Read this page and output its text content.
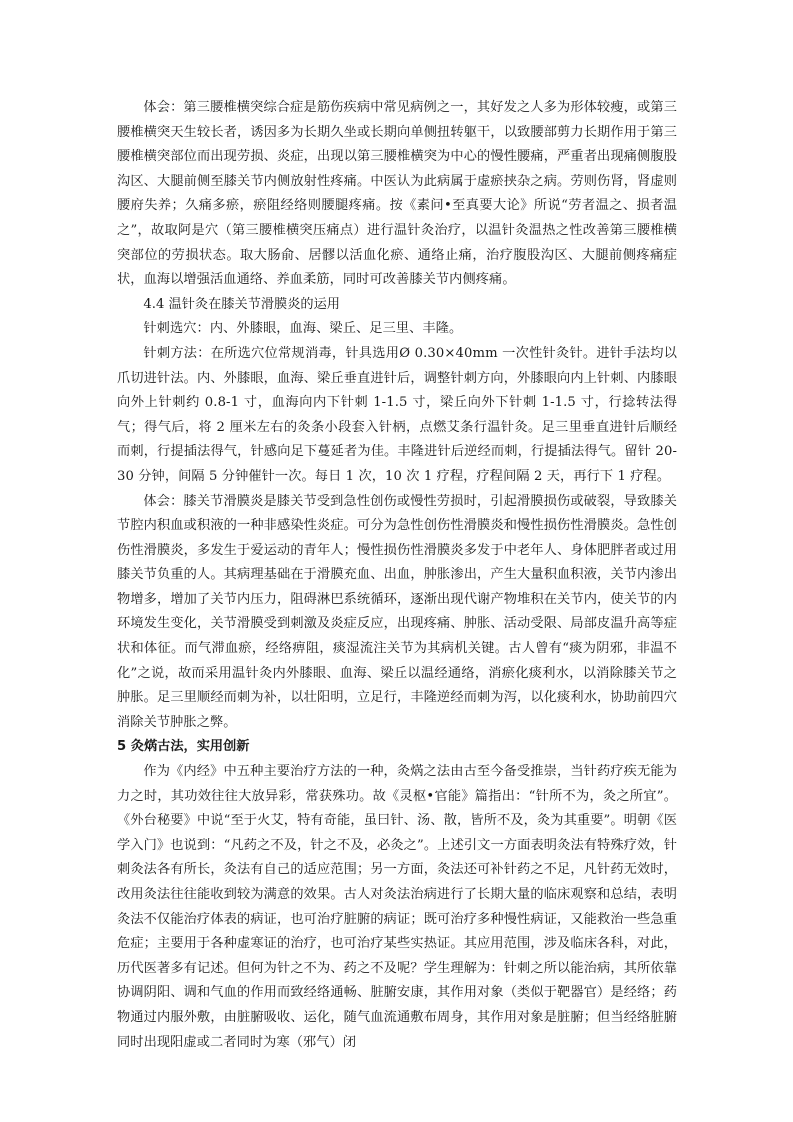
体会：第三腰椎横突综合症是筋伤疾病中常见病例之一，其好发之人多为形体较瘦，或第三腰椎横突天生较长者，诱因多为长期久坐或长期向单侧扭转躯干，以致腰部剪力长期作用于第三腰椎横突部位而出现劳损、炎症，出现以第三腰椎横突为中心的慢性腰痛，严重者出现痛侧腹股沟区、大腿前侧至膝关节内侧放射性疼痛。中医认为此病属于虚瘀挟杂之病。劳则伤肾，肾虚则腰府失养；久痛多瘀，瘀阻经络则腰腿疼痛。按《素问•至真要大论》所说“劳者温之、损者温之”，故取阿是穴（第三腰椎横突压痛点）进行温针灸治疗，以温针灸温热之性改善第三腰椎横突部位的劳损状态。取大肠俞、居髎以活血化瘀、通络止痛，治疗腹股沟区、大腿前侧疼痛症状，血海以增强活血通络、养血柔筋，同时可改善膝关节内侧疼痛。

4.4 温针灸在膝关节滑膜炎的运用

针刺选穴：内、外膝眼，血海、梁丘、足三里、丰隆。

针刺方法：在所选穴位常规消毒，针具选用Ø 0.30×40mm 一次性针灸针。进针手法均以爪切进针法。内、外膝眼，血海、梁丘垂直进针后，调整针刺方向，外膝眼向内上针刺、内膝眼向外上针刺约 0.8-1 寸，血海向内下针刺 1-1.5 寸，梁丘向外下针刺 1-1.5 寸，行捻转法得气；得气后，将 2 厘米左右的灸条小段套入针柄，点燃艾条行温针灸。足三里垂直进针后顺经而刺，行提插法得气，针感向足下蔓延者为佳。丰隆进针后逆经而刺，行提插法得气。留针 20-30 分钟，间隔 5 分钟催针一次。每日 1 次，10 次 1 疗程，疗程间隔 2 天，再行下 1 疗程。

体会：膝关节滑膜炎是膝关节受到急性创伤或慢性劳损时，引起滑膜损伤或破裂，导致膝关节腔内积血或积液的一种非感染性炎症。可分为急性创伤性滑膜炎和慢性损伤性滑膜炎。急性创伤性滑膜炎，多发生于爱运动的青年人；慢性损伤性滑膜炎多发于中老年人、身体肥胖者或过用膝关节负重的人。其病理基础在于滑膜充血、出血，肿胀渗出，产生大量积血积液，关节内渗出物增多，增加了关节内压力，阻碍淋巴系统循环，逐渐出现代谢产物堆积在关节内，使关节的内环境发生变化，关节滑膜受到刺激及炎症反应，出现疼痛、肿胀、活动受限、局部皮温升高等症状和体征。而气滞血瘀，经络痹阻，痰湿流注关节为其病机关键。古人曾有“痰为阴邪，非温不化”之说，故而采用温针灸内外膝眼、血海、梁丘以温经通络，消瘀化痰利水，以消除膝关节之肿胀。足三里顺经而刺为补，以壮阳明，立足行，丰隆逆经而刺为泻，以化痰利水，协助前四穴消除关节肿胀之弊。

5 灸焫古法，实用创新

作为《内经》中五种主要治疗方法的一种，灸焫之法由古至今备受推崇，当针药疗疾无能为力之时，其功效往往大放异彩，常获殊功。故《灵枢•官能》篇指出：“针所不为，灸之所宜”。《外台秘要》中说“至于火艾，特有奇能，虽曰针、汤、散，皆所不及，灸为其重要”。明朝《医学入门》也说到：“凡药之不及，针之不及，必灸之”。上述引文一方面表明灸法有特殊疗效，针刺灸法各有所长，灸法有自己的适应范围；另一方面，灸法还可补针药之不足，凡针药无效时，改用灸法往往能收到较为满意的效果。古人对灸法治病进行了长期大量的临床观察和总结，表明灸法不仅能治疗体表的病证，也可治疗脏腑的病证；既可治疗多种慢性病证，又能救治一些急重危症；主要用于各种虚寒证的治疗，也可治疗某些实热证。其应用范围，涉及临床各科，对此，历代医著多有记述。但何为针之不为、药之不及呢？学生理解为：针刺之所以能治病，其所依靠协调阴阳、调和气血的作用而致经络通畅、脏腑安康，其作用对象（类似于靶器官）是经络；药物通过内服外敷，由脏腑吸收、运化，随气血流通敷布周身，其作用对象是脏腑；但当经络脏腑同时出现阳虚或二者同时为寒（邪气）闭
